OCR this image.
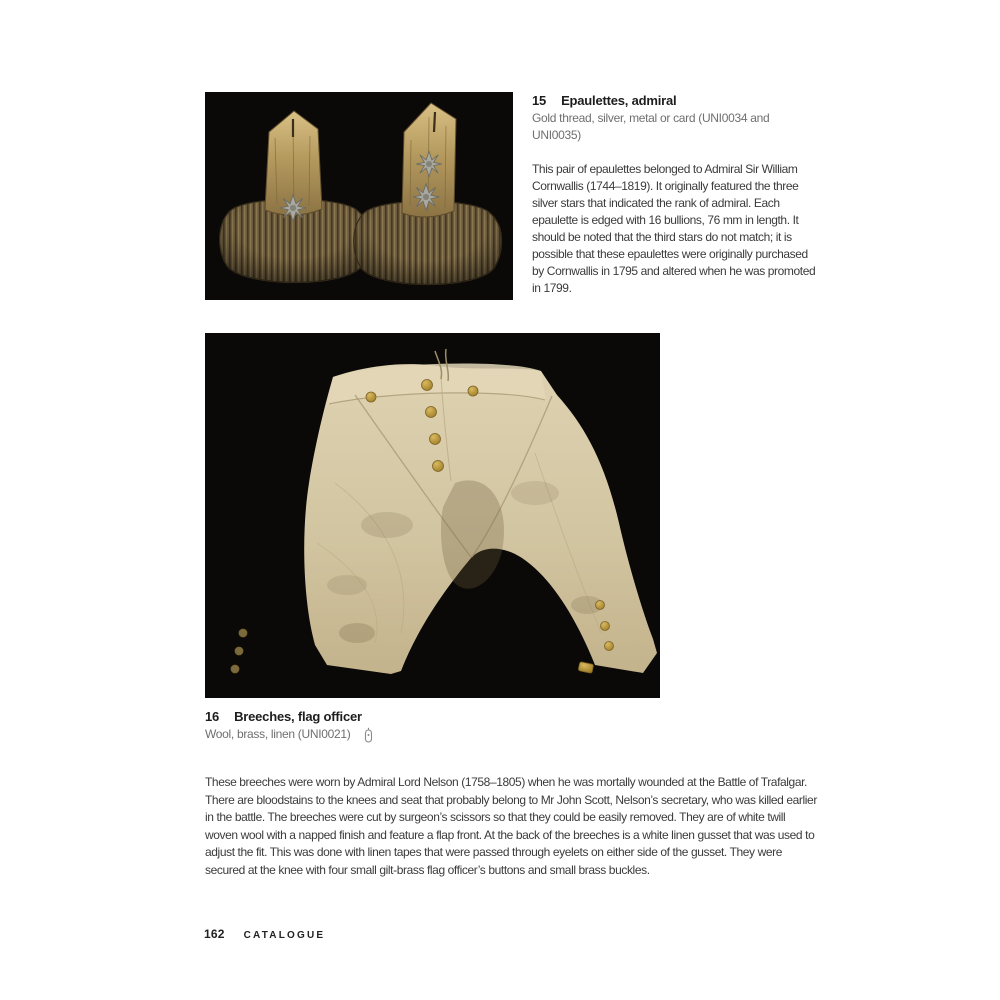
15 Epaulettes, admiral
Gold thread, silver, metal or card (UNI0034 and UNI0035)

This pair of epaulettes belonged to Admiral Sir William Cornwallis (1744–1819). It originally featured the three silver stars that indicated the rank of admiral. Each epaulette is edged with 16 bullions, 76 mm in length. It should be noted that the third stars do not match; it is possible that these epaulettes were originally purchased by Cornwallis in 1795 and altered when he was promoted in 1799.

16 Breeches, flag officer
Wool, brass, linen (UNI0021)

These breeches were worn by Admiral Lord Nelson (1758–1805) when he was mortally wounded at the Battle of Trafalgar. There are bloodstains to the knees and seat that probably belong to Mr John Scott, Nelson’s secretary, who was killed earlier in the battle. The breeches were cut by surgeon’s scissors so that they could be easily removed. They are of white twill woven wool with a napped finish and feature a flap front. At the back of the breeches is a white linen gusset that was used to adjust the fit. This was done with linen tapes that were passed through eyelets on either side of the gusset. They were secured at the knee with four small gilt-brass flag officer’s buttons and small brass buckles.

162 CATALOGUE
